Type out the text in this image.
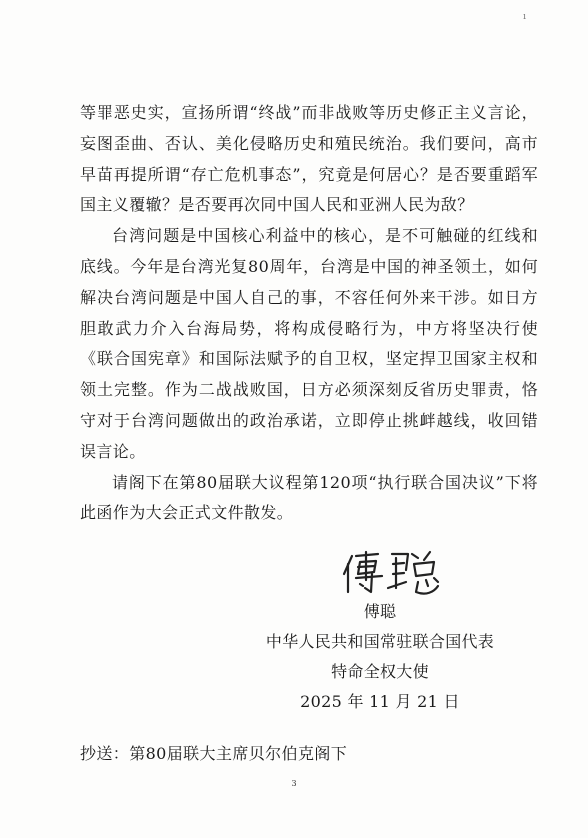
ı

等罪恶史实，宣扬所谓“终战”而非战败等历史修正主义言论，妄图歪曲、否认、美化侵略历史和殖民统治。我们要问，高市早苗再提所谓“存亡危机事态”，究竟是何居心？是否要重蹈军国主义覆辙？是否要再次同中国人民和亚洲人民为敌？

台湾问题是中国核心利益中的核心，是不可触碰的红线和底线。今年是台湾光复80周年，台湾是中国的神圣领土，如何解决台湾问题是中国人自己的事，不容任何外来干涉。如日方胆敢武力介入台海局势，将构成侵略行为，中方将坚决行使《联合国宪章》和国际法赋予的自卫权，坚定捍卫国家主权和领土完整。作为二战战败国，日方必须深刻反省历史罪责，恪守对于台湾问题做出的政治承诺，立即停止挑衅越线，收回错误言论。

请阁下在第80届联大议程第120项“执行联合国决议”下将此函作为大会正式文件散发。

傅聪
中华人民共和国常驻联合国代表
特命全权大使
2025 年 11 月 21 日
抄送：第80届联大主席贝尔伯克阁下
3
